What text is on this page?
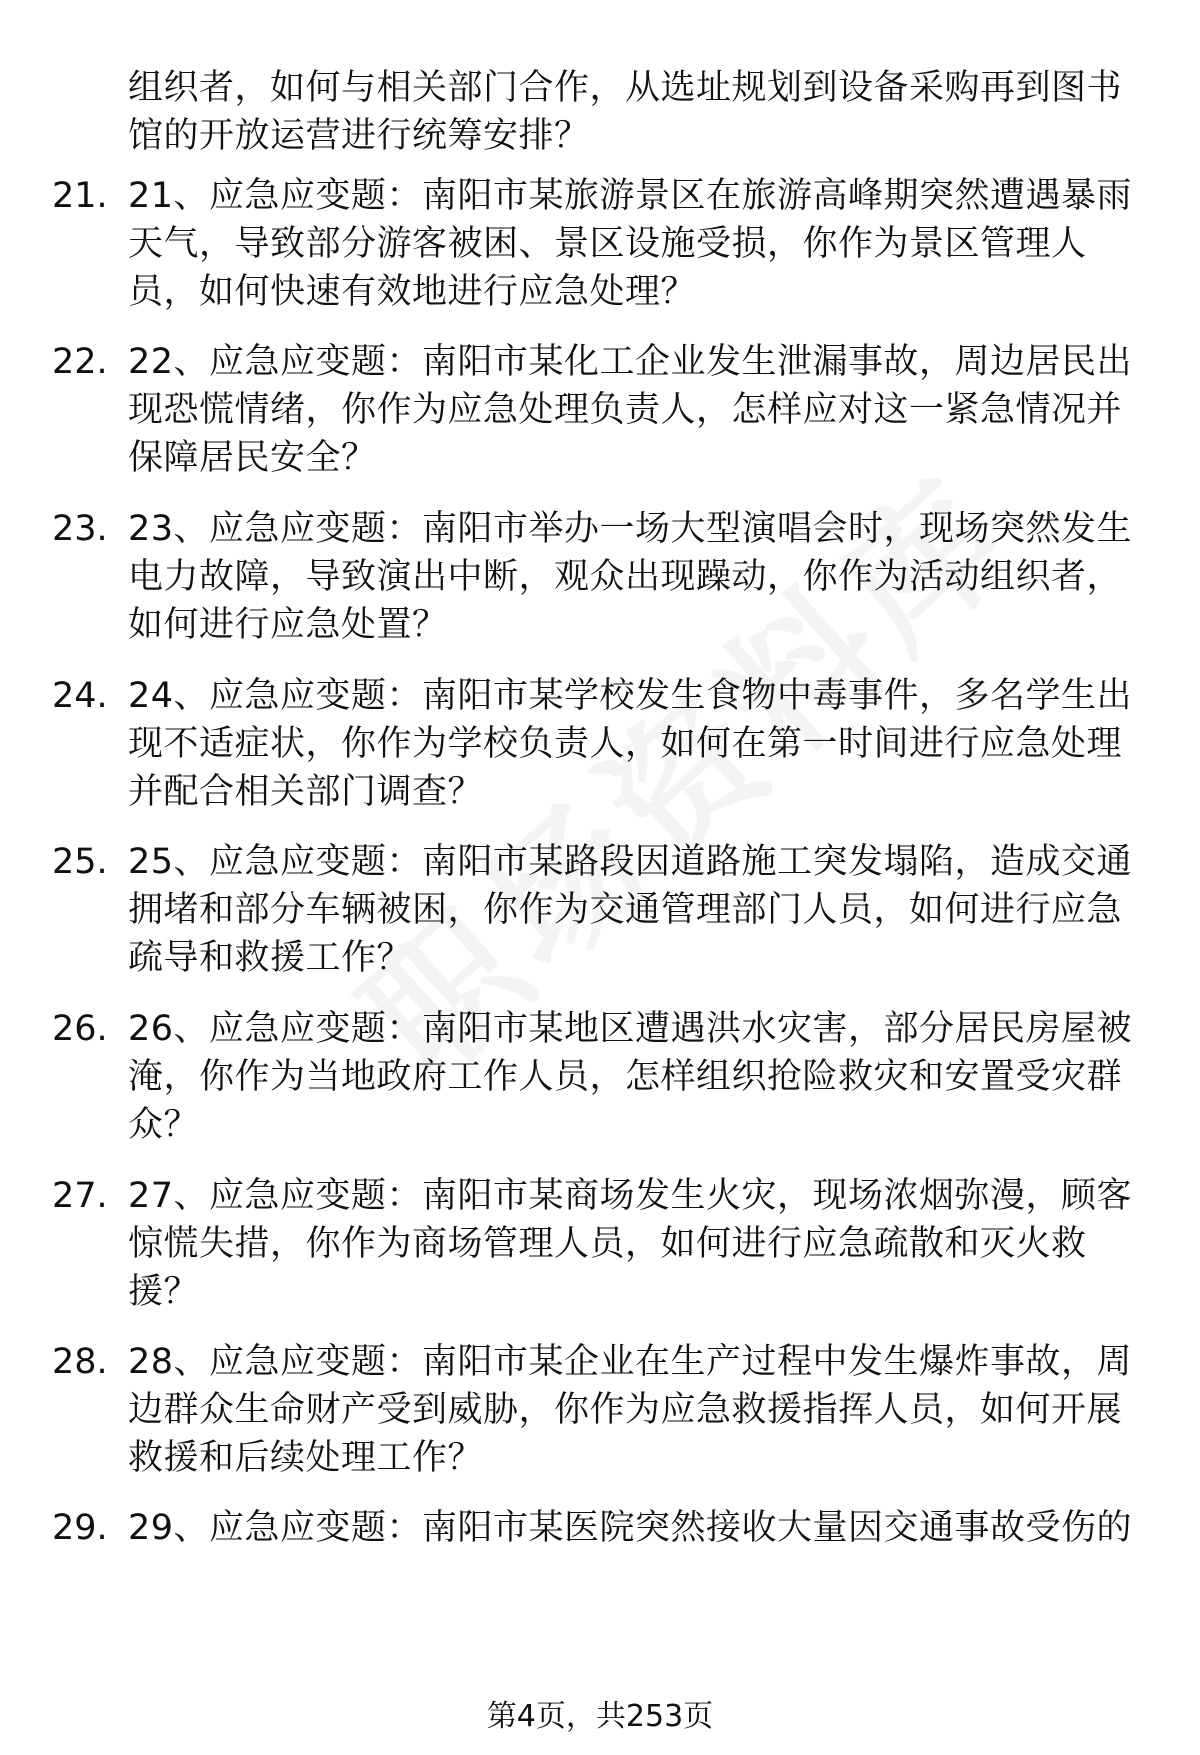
组织者，如何与相关部门合作，从选址规划到设备采购再到图书馆的开放运营进行统筹安排？
21. 21、应急应变题：南阳市某旅游景区在旅游高峰期突然遭遇暴雨天气，导致部分游客被困、景区设施受损，你作为景区管理人员，如何快速有效地进行应急处理？
22. 22、应急应变题：南阳市某化工企业发生泄漏事故，周边居民出现恐慌情绪，你作为应急处理负责人，怎样应对这一紧急情况并保障居民安全？
23. 23、应急应变题：南阳市举办一场大型演唱会时，现场突然发生电力故障，导致演出中断，观众出现躁动，你作为活动组织者，如何进行应急处置？
24. 24、应急应变题：南阳市某学校发生食物中毒事件，多名学生出现不适症状，你作为学校负责人，如何在第一时间进行应急处理并配合相关部门调查？
25. 25、应急应变题：南阳市某路段因道路施工突发塌陷，造成交通拥堵和部分车辆被困，你作为交通管理部门人员，如何进行应急疏导和救援工作？
26. 26、应急应变题：南阳市某地区遭遇洪水灾害，部分居民房屋被淹，你作为当地政府工作人员，怎样组织抢险救灾和安置受灾群众？
27. 27、应急应变题：南阳市某商场发生火灾，现场浓烟弥漫，顾客惊慌失措，你作为商场管理人员，如何进行应急疏散和灭火救援？
28. 28、应急应变题：南阳市某企业在生产过程中发生爆炸事故，周边群众生命财产受到威胁，你作为应急救援指挥人员，如何开展救援和后续处理工作？
29. 29、应急应变题：南阳市某医院突然接收大量因交通事故受伤的
第4页，共253页
